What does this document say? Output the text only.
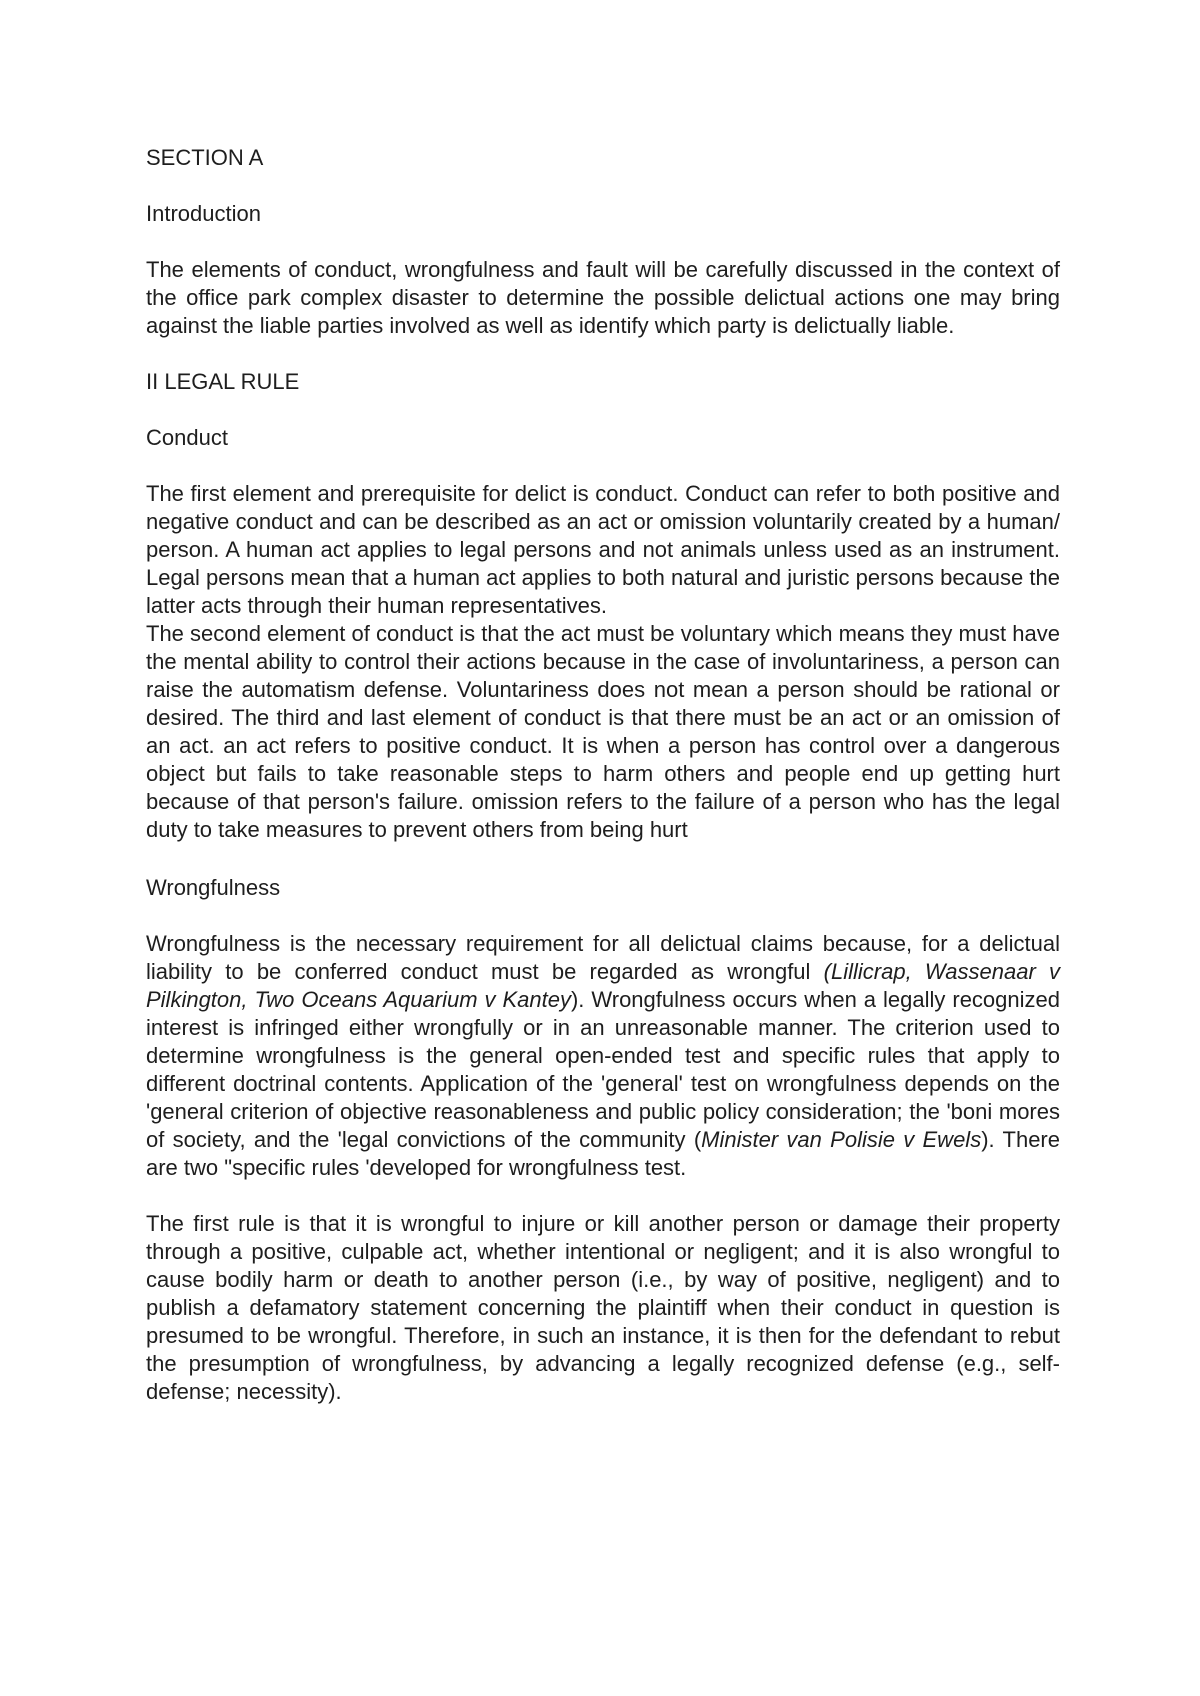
SECTION A

Introduction

The elements of conduct, wrongfulness and fault will be carefully discussed in the context of the office park complex disaster to determine the possible delictual actions one may bring against the liable parties involved as well as identify which party is delictually liable.

II LEGAL RULE

Conduct

The first element and prerequisite for delict is conduct. Conduct can refer to both positive and negative conduct and can be described as an act or omission voluntarily created by a human/ person. A human act applies to legal persons and not animals unless used as an instrument. Legal persons mean that a human act applies to both natural and juristic persons because the latter acts through their human representatives.

The second element of conduct is that the act must be voluntary which means they must have the mental ability to control their actions because in the case of involuntariness, a person can raise the automatism defense. Voluntariness does not mean a person should be rational or desired. The third and last element of conduct is that there must be an act or an omission of an act. an act refers to positive conduct. It is when a person has control over a dangerous object but fails to take reasonable steps to harm others and people end up getting hurt because of that person's failure. omission refers to the failure of a person who has the legal duty to take measures to prevent others from being hurt

Wrongfulness

Wrongfulness is the necessary requirement for all delictual claims because, for a delictual liability to be conferred conduct must be regarded as wrongful (Lillicrap, Wassenaar v Pilkington, Two Oceans Aquarium v Kantey). Wrongfulness occurs when a legally recognized interest is infringed either wrongfully or in an unreasonable manner. The criterion used to determine wrongfulness is the general open-ended test and specific rules that apply to different doctrinal contents. Application of the 'general' test on wrongfulness depends on the 'general criterion of objective reasonableness and public policy consideration; the 'boni mores of society, and the 'legal convictions of the community (Minister van Polisie v Ewels). There are two "specific rules 'developed for wrongfulness test.

The first rule is that it is wrongful to injure or kill another person or damage their property through a positive, culpable act, whether intentional or negligent; and it is also wrongful to cause bodily harm or death to another person (i.e., by way of positive, negligent) and to publish a defamatory statement concerning the plaintiff when their conduct in question is presumed to be wrongful. Therefore, in such an instance, it is then for the defendant to rebut the presumption of wrongfulness, by advancing a legally recognized defense (e.g., self-defense; necessity).
